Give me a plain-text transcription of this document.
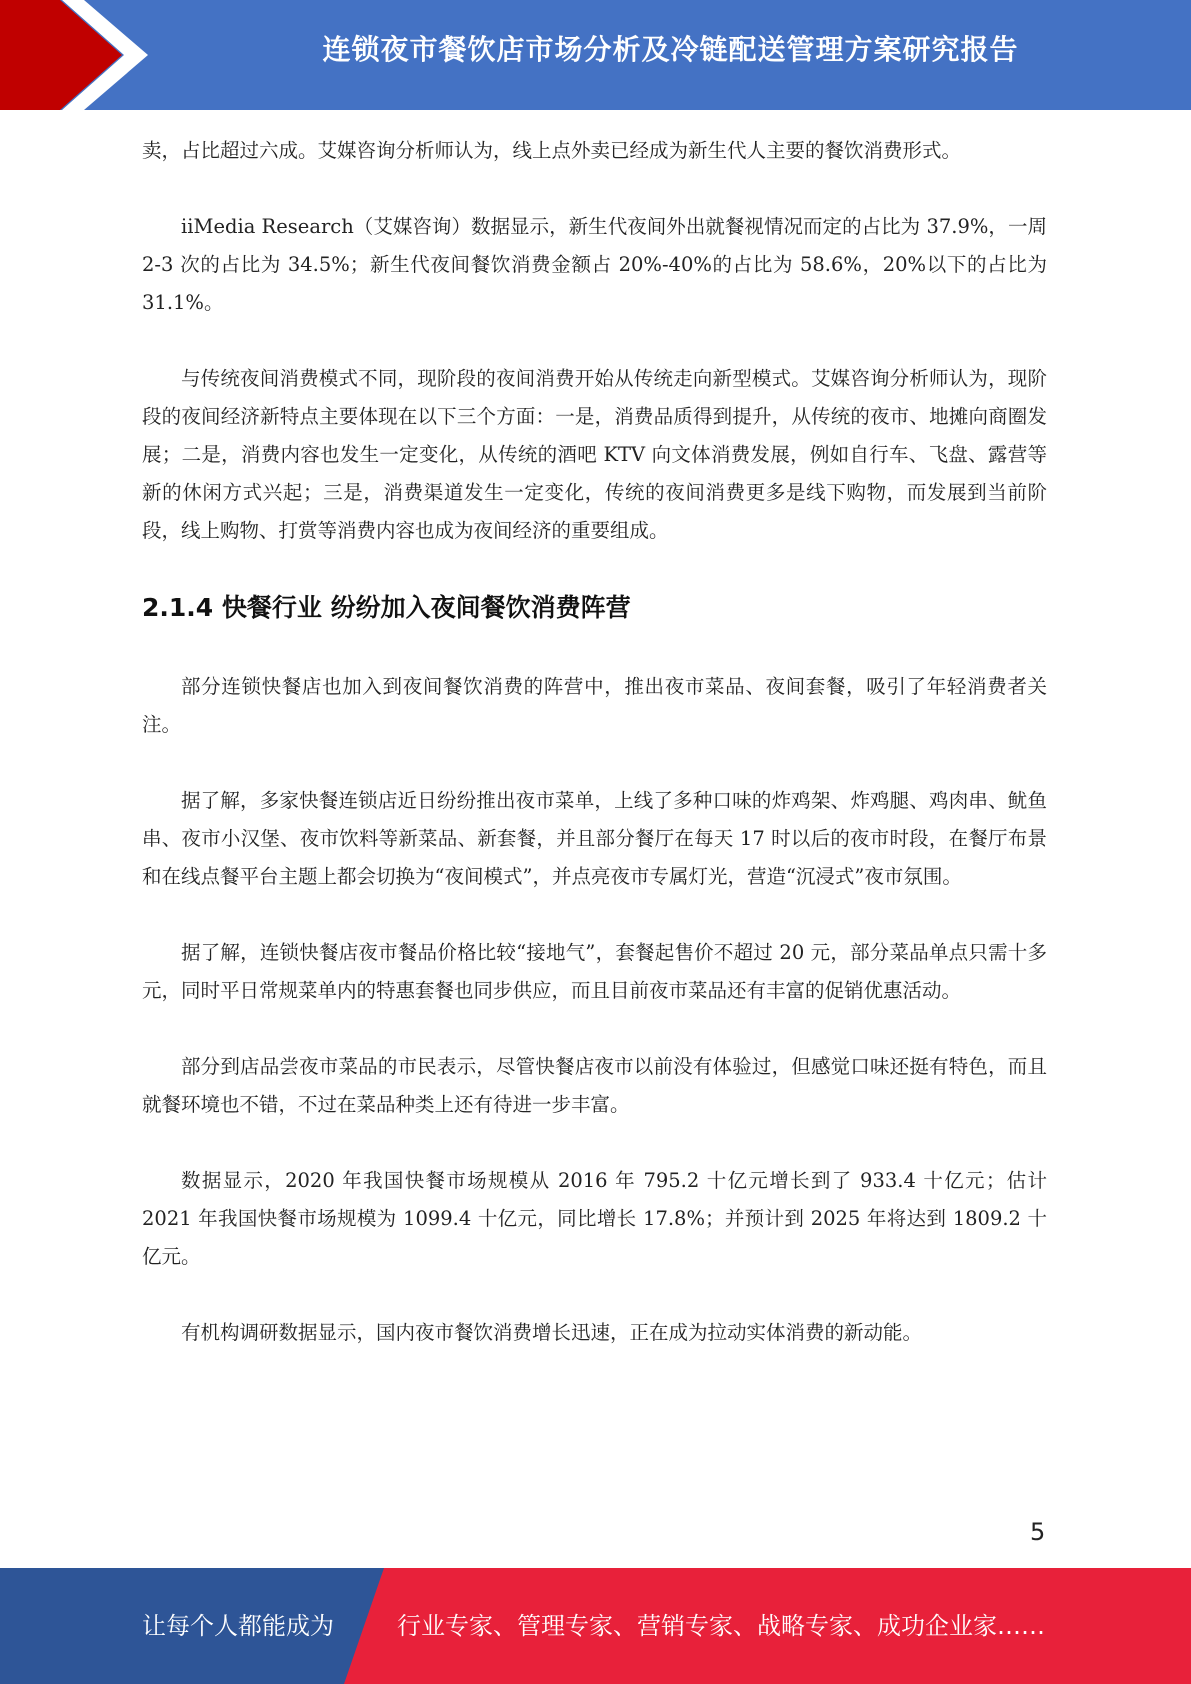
连锁夜市餐饮店市场分析及冷链配送管理方案研究报告

卖，占比超过六成。艾媒咨询分析师认为，线上点外卖已经成为新生代人主要的餐饮消费形式。

iiMedia Research（艾媒咨询）数据显示，新生代夜间外出就餐视情况而定的占比为 37.9%，一周 2-3 次的占比为 34.5%；新生代夜间餐饮消费金额占 20%-40%的占比为 58.6%，20%以下的占比为 31.1%。

与传统夜间消费模式不同，现阶段的夜间消费开始从传统走向新型模式。艾媒咨询分析师认为，现阶段的夜间经济新特点主要体现在以下三个方面：一是，消费品质得到提升，从传统的夜市、地摊向商圈发展；二是，消费内容也发生一定变化，从传统的酒吧 KTV 向文体消费发展，例如自行车、飞盘、露营等新的休闲方式兴起；三是，消费渠道发生一定变化，传统的夜间消费更多是线下购物，而发展到当前阶段，线上购物、打赏等消费内容也成为夜间经济的重要组成。

2.1.4 快餐行业 纷纷加入夜间餐饮消费阵营

部分连锁快餐店也加入到夜间餐饮消费的阵营中，推出夜市菜品、夜间套餐，吸引了年轻消费者关注。

据了解，多家快餐连锁店近日纷纷推出夜市菜单，上线了多种口味的炸鸡架、炸鸡腿、鸡肉串、鱿鱼串、夜市小汉堡、夜市饮料等新菜品、新套餐，并且部分餐厅在每天 17 时以后的夜市时段，在餐厅布景和在线点餐平台主题上都会切换为“夜间模式”，并点亮夜市专属灯光，营造“沉浸式”夜市氛围。

据了解，连锁快餐店夜市餐品价格比较“接地气”，套餐起售价不超过 20 元，部分菜品单点只需十多元，同时平日常规菜单内的特惠套餐也同步供应，而且目前夜市菜品还有丰富的促销优惠活动。

部分到店品尝夜市菜品的市民表示，尽管快餐店夜市以前没有体验过，但感觉口味还挺有特色，而且就餐环境也不错，不过在菜品种类上还有待进一步丰富。

数据显示，2020 年我国快餐市场规模从 2016 年 795.2 十亿元增长到了 933.4 十亿元；估计 2021 年我国快餐市场规模为 1099.4 十亿元，同比增长 17.8%；并预计到 2025 年将达到 1809.2 十亿元。

有机构调研数据显示，国内夜市餐饮消费增长迅速，正在成为拉动实体消费的新动能。

5
让每个人都能成为	行业专家、管理专家、营销专家、战略专家、成功企业家……
